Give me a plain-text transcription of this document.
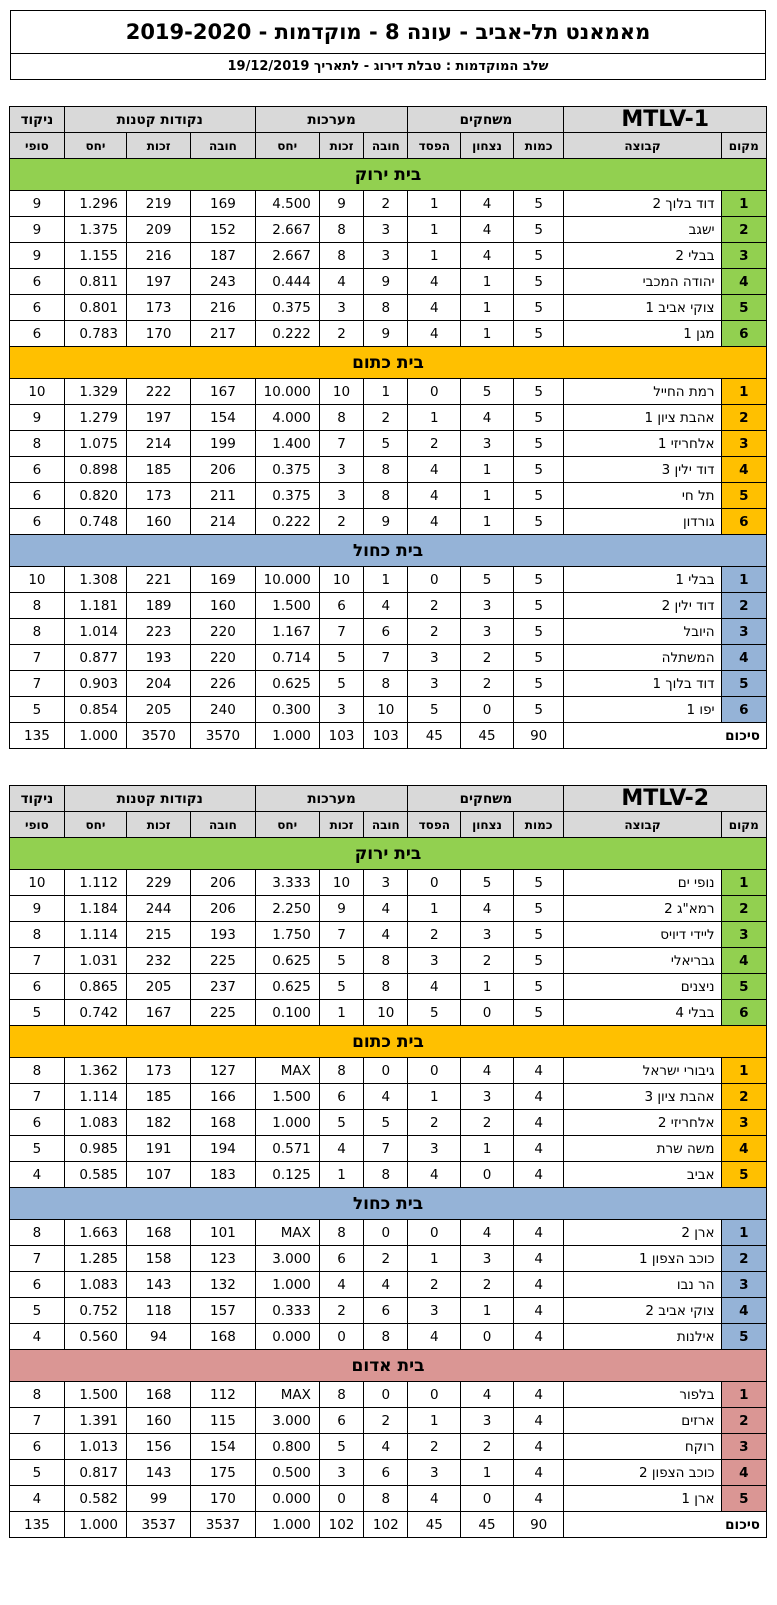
מאמאנט תל-אביב - עונה 8 - מוקדמות - 2019-2020
שלב המוקדמות : טבלת דירוג - לתאריך 19/12/2019
ניקוד	נקודות קטנות			מערכות			משחקים			MTLV-1	
סופי	יחס	זכות	חובה	יחס	זכות	חובה	הפסד	נצחון	כמות	קבוצה	מקום
בית ירוק											
9	1.296	219	169	4.500	9	2	1	4	5	דוד בלוך 2	1
9	1.375	209	152	2.667	8	3	1	4	5	ישגב	2
9	1.155	216	187	2.667	8	3	1	4	5	בבלי 2	3
6	0.811	197	243	0.444	4	9	4	1	5	יהודה המכבי	4
6	0.801	173	216	0.375	3	8	4	1	5	צוקי אביב 1	5
6	0.783	170	217	0.222	2	9	4	1	5	מגן 1	6
בית כתום											
10	1.329	222	167	10.000	10	1	0	5	5	רמת החייל	1
9	1.279	197	154	4.000	8	2	1	4	5	אהבת ציון 1	2
8	1.075	214	199	1.400	7	5	2	3	5	אלחריזי 1	3
6	0.898	185	206	0.375	3	8	4	1	5	דוד ילין 3	4
6	0.820	173	211	0.375	3	8	4	1	5	תל חי	5
6	0.748	160	214	0.222	2	9	4	1	5	גורדון	6
בית כחול											
10	1.308	221	169	10.000	10	1	0	5	5	בבלי 1	1
8	1.181	189	160	1.500	6	4	2	3	5	דוד ילין 2	2
8	1.014	223	220	1.167	7	6	2	3	5	היובל	3
7	0.877	193	220	0.714	5	7	3	2	5	המשתלה	4
7	0.903	204	226	0.625	5	8	3	2	5	דוד בלוך 1	5
5	0.854	205	240	0.300	3	10	5	0	5	יפו 1	6
135	1.000	3570	3570	1.000	103	103	45	45	90	סיכום	
ניקוד	נקודות קטנות			מערכות			משחקים			MTLV-2	
סופי	יחס	זכות	חובה	יחס	זכות	חובה	הפסד	נצחון	כמות	קבוצה	מקום
בית ירוק											
10	1.112	229	206	3.333	10	3	0	5	5	נופי ים	1
9	1.184	244	206	2.250	9	4	1	4	5	רמא"ג 2	2
8	1.114	215	193	1.750	7	4	2	3	5	ליידי דיויס	3
7	1.031	232	225	0.625	5	8	3	2	5	גבריאלי	4
6	0.865	205	237	0.625	5	8	4	1	5	ניצנים	5
5	0.742	167	225	0.100	1	10	5	0	5	בבלי 4	6
בית כתום											
8	1.362	173	127	MAX	8	0	0	4	4	גיבורי ישראל	1
7	1.114	185	166	1.500	6	4	1	3	4	אהבת ציון 3	2
6	1.083	182	168	1.000	5	5	2	2	4	אלחריזי 2	3
5	0.985	191	194	0.571	4	7	3	1	4	משה שרת	4
4	0.585	107	183	0.125	1	8	4	0	4	אביב	5
בית כחול											
8	1.663	168	101	MAX	8	0	0	4	4	ארן 2	1
7	1.285	158	123	3.000	6	2	1	3	4	כוכב הצפון 1	2
6	1.083	143	132	1.000	4	4	2	2	4	הר נבו	3
5	0.752	118	157	0.333	2	6	3	1	4	צוקי אביב 2	4
4	0.560	94	168	0.000	0	8	4	0	4	אילנות	5
בית אדום											
8	1.500	168	112	MAX	8	0	0	4	4	בלפור	1
7	1.391	160	115	3.000	6	2	1	3	4	ארזים	2
6	1.013	156	154	0.800	5	4	2	2	4	רוקח	3
5	0.817	143	175	0.500	3	6	3	1	4	כוכב הצפון 2	4
4	0.582	99	170	0.000	0	8	4	0	4	ארן 1	5
135	1.000	3537	3537	1.000	102	102	45	45	90	סיכום	
